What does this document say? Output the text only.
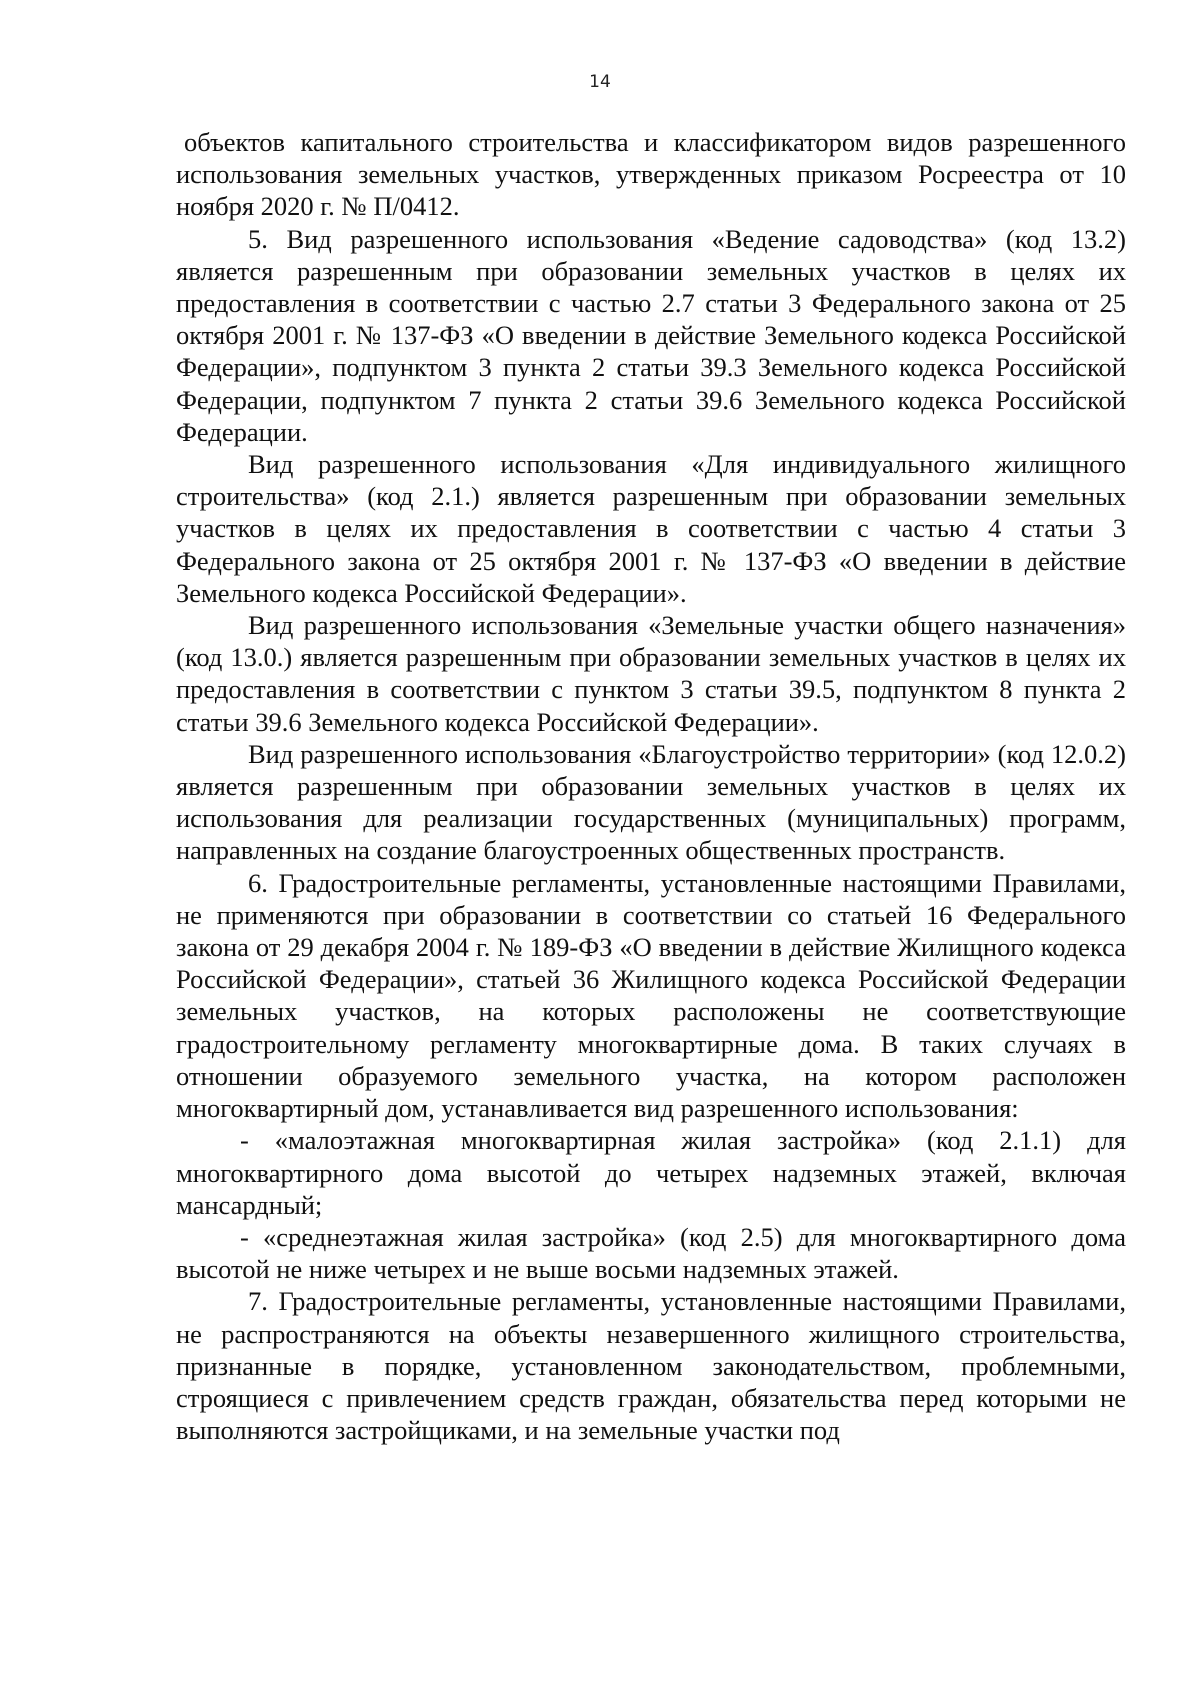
14

объектов капитального строительства и классификатором видов разрешенного использования земельных участков, утвержденных приказом Росреестра от 10 ноября 2020 г. № П/0412.

5. Вид разрешенного использования «Ведение садоводства» (код 13.2) является разрешенным при образовании земельных участков в целях их предоставления в соответствии с частью 2.7 статьи 3 Федерального закона от 25 октября 2001 г. № 137-ФЗ «О введении в действие Земельного кодекса Российской Федерации», подпунктом 3 пункта 2 статьи 39.3 Земельного кодекса Российской Федерации, подпунктом 7 пункта 2 статьи 39.6 Земельного кодекса Российской Федерации.

Вид разрешенного использования «Для индивидуального жилищного строительства» (код 2.1.) является разрешенным при образовании земельных участков в целях их предоставления в соответствии с частью 4 статьи 3 Федерального закона от 25 октября 2001 г. № 137-ФЗ «О введении в действие Земельного кодекса Российской Федерации».

Вид разрешенного использования «Земельные участки общего назначения» (код 13.0.) является разрешенным при образовании земельных участков в целях их предоставления в соответствии с пунктом 3 статьи 39.5, подпунктом 8 пункта 2 статьи 39.6 Земельного кодекса Российской Федерации».

Вид разрешенного использования «Благоустройство территории» (код 12.0.2) является разрешенным при образовании земельных участков в целях их использования для реализации государственных (муниципальных) программ, направленных на создание благоустроенных общественных пространств.

6. Градостроительные регламенты, установленные настоящими Правилами, не применяются при образовании в соответствии со статьей 16 Федерального закона от 29 декабря 2004 г. № 189-ФЗ «О введении в действие Жилищного кодекса Российской Федерации», статьей 36 Жилищного кодекса Российской Федерации земельных участков, на которых расположены не соответствующие градостроительному регламенту многоквартирные дома. В таких случаях в отношении образуемого земельного участка, на котором расположен многоквартирный дом, устанавливается вид разрешенного использования:

- «малоэтажная многоквартирная жилая застройка» (код 2.1.1) для многоквартирного дома высотой до четырех надземных этажей, включая мансардный;

- «среднеэтажная жилая застройка» (код 2.5) для многоквартирного дома высотой не ниже четырех и не выше восьми надземных этажей.

7. Градостроительные регламенты, установленные настоящими Правилами, не распространяются на объекты незавершенного жилищного строительства, признанные в порядке, установленном законодательством, проблемными, строящиеся с привлечением средств граждан, обязательства перед которыми не выполняются застройщиками, и на земельные участки под
